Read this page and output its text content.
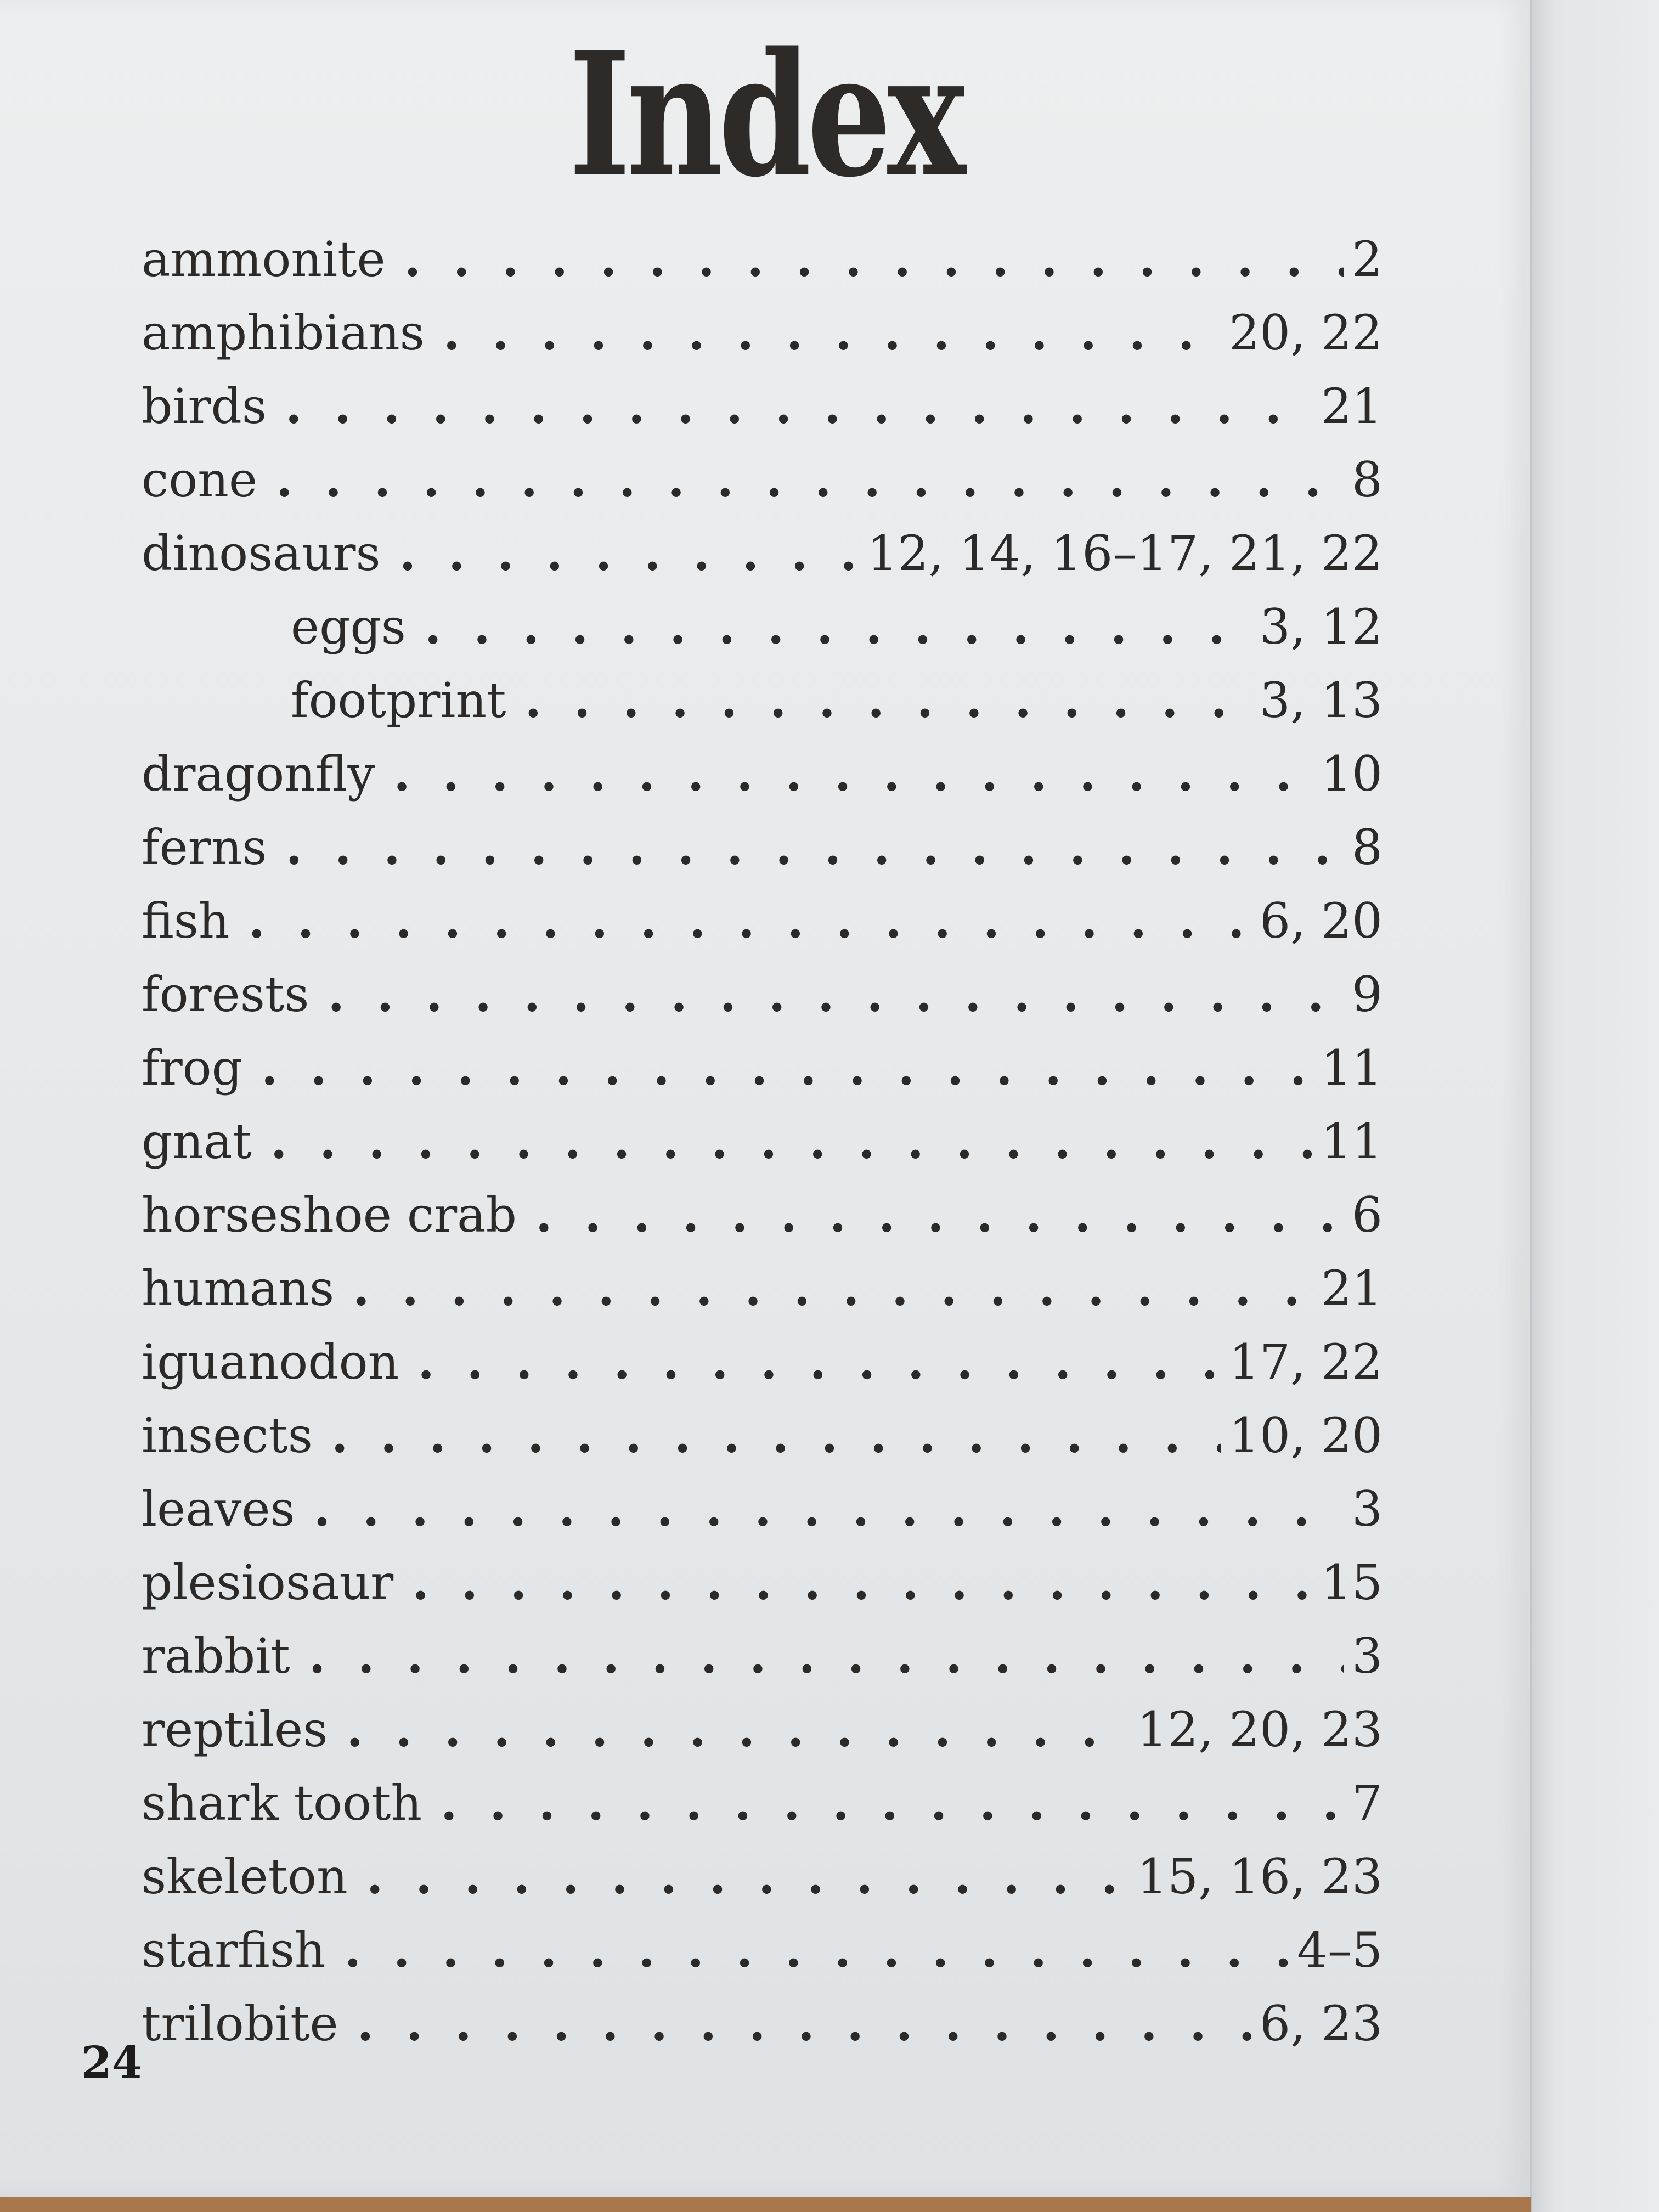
Index
ammonite . . .	2
amphibians . . .	20, 22
birds . . .	21
cone . . .	8
dinosaurs . . .	12, 14, 16–17, 21, 22
eggs . . .	3, 12
footprint . . .	3, 13
dragonfly . . .	10
ferns . . .	8
fish . . .	6, 20
forests . . .	9
frog . . .	11
gnat . . .	11
horseshoe crab . . .	6
humans . . .	21
iguanodon . . .	17, 22
insects . . .	10, 20
leaves . . .	3
plesiosaur . . .	15
rabbit . . .	3
reptiles . . .	12, 20, 23
shark tooth . . .	7
skeleton . . .	15, 16, 23
starfish . . .	4–5
trilobite . . .	6, 23
24
